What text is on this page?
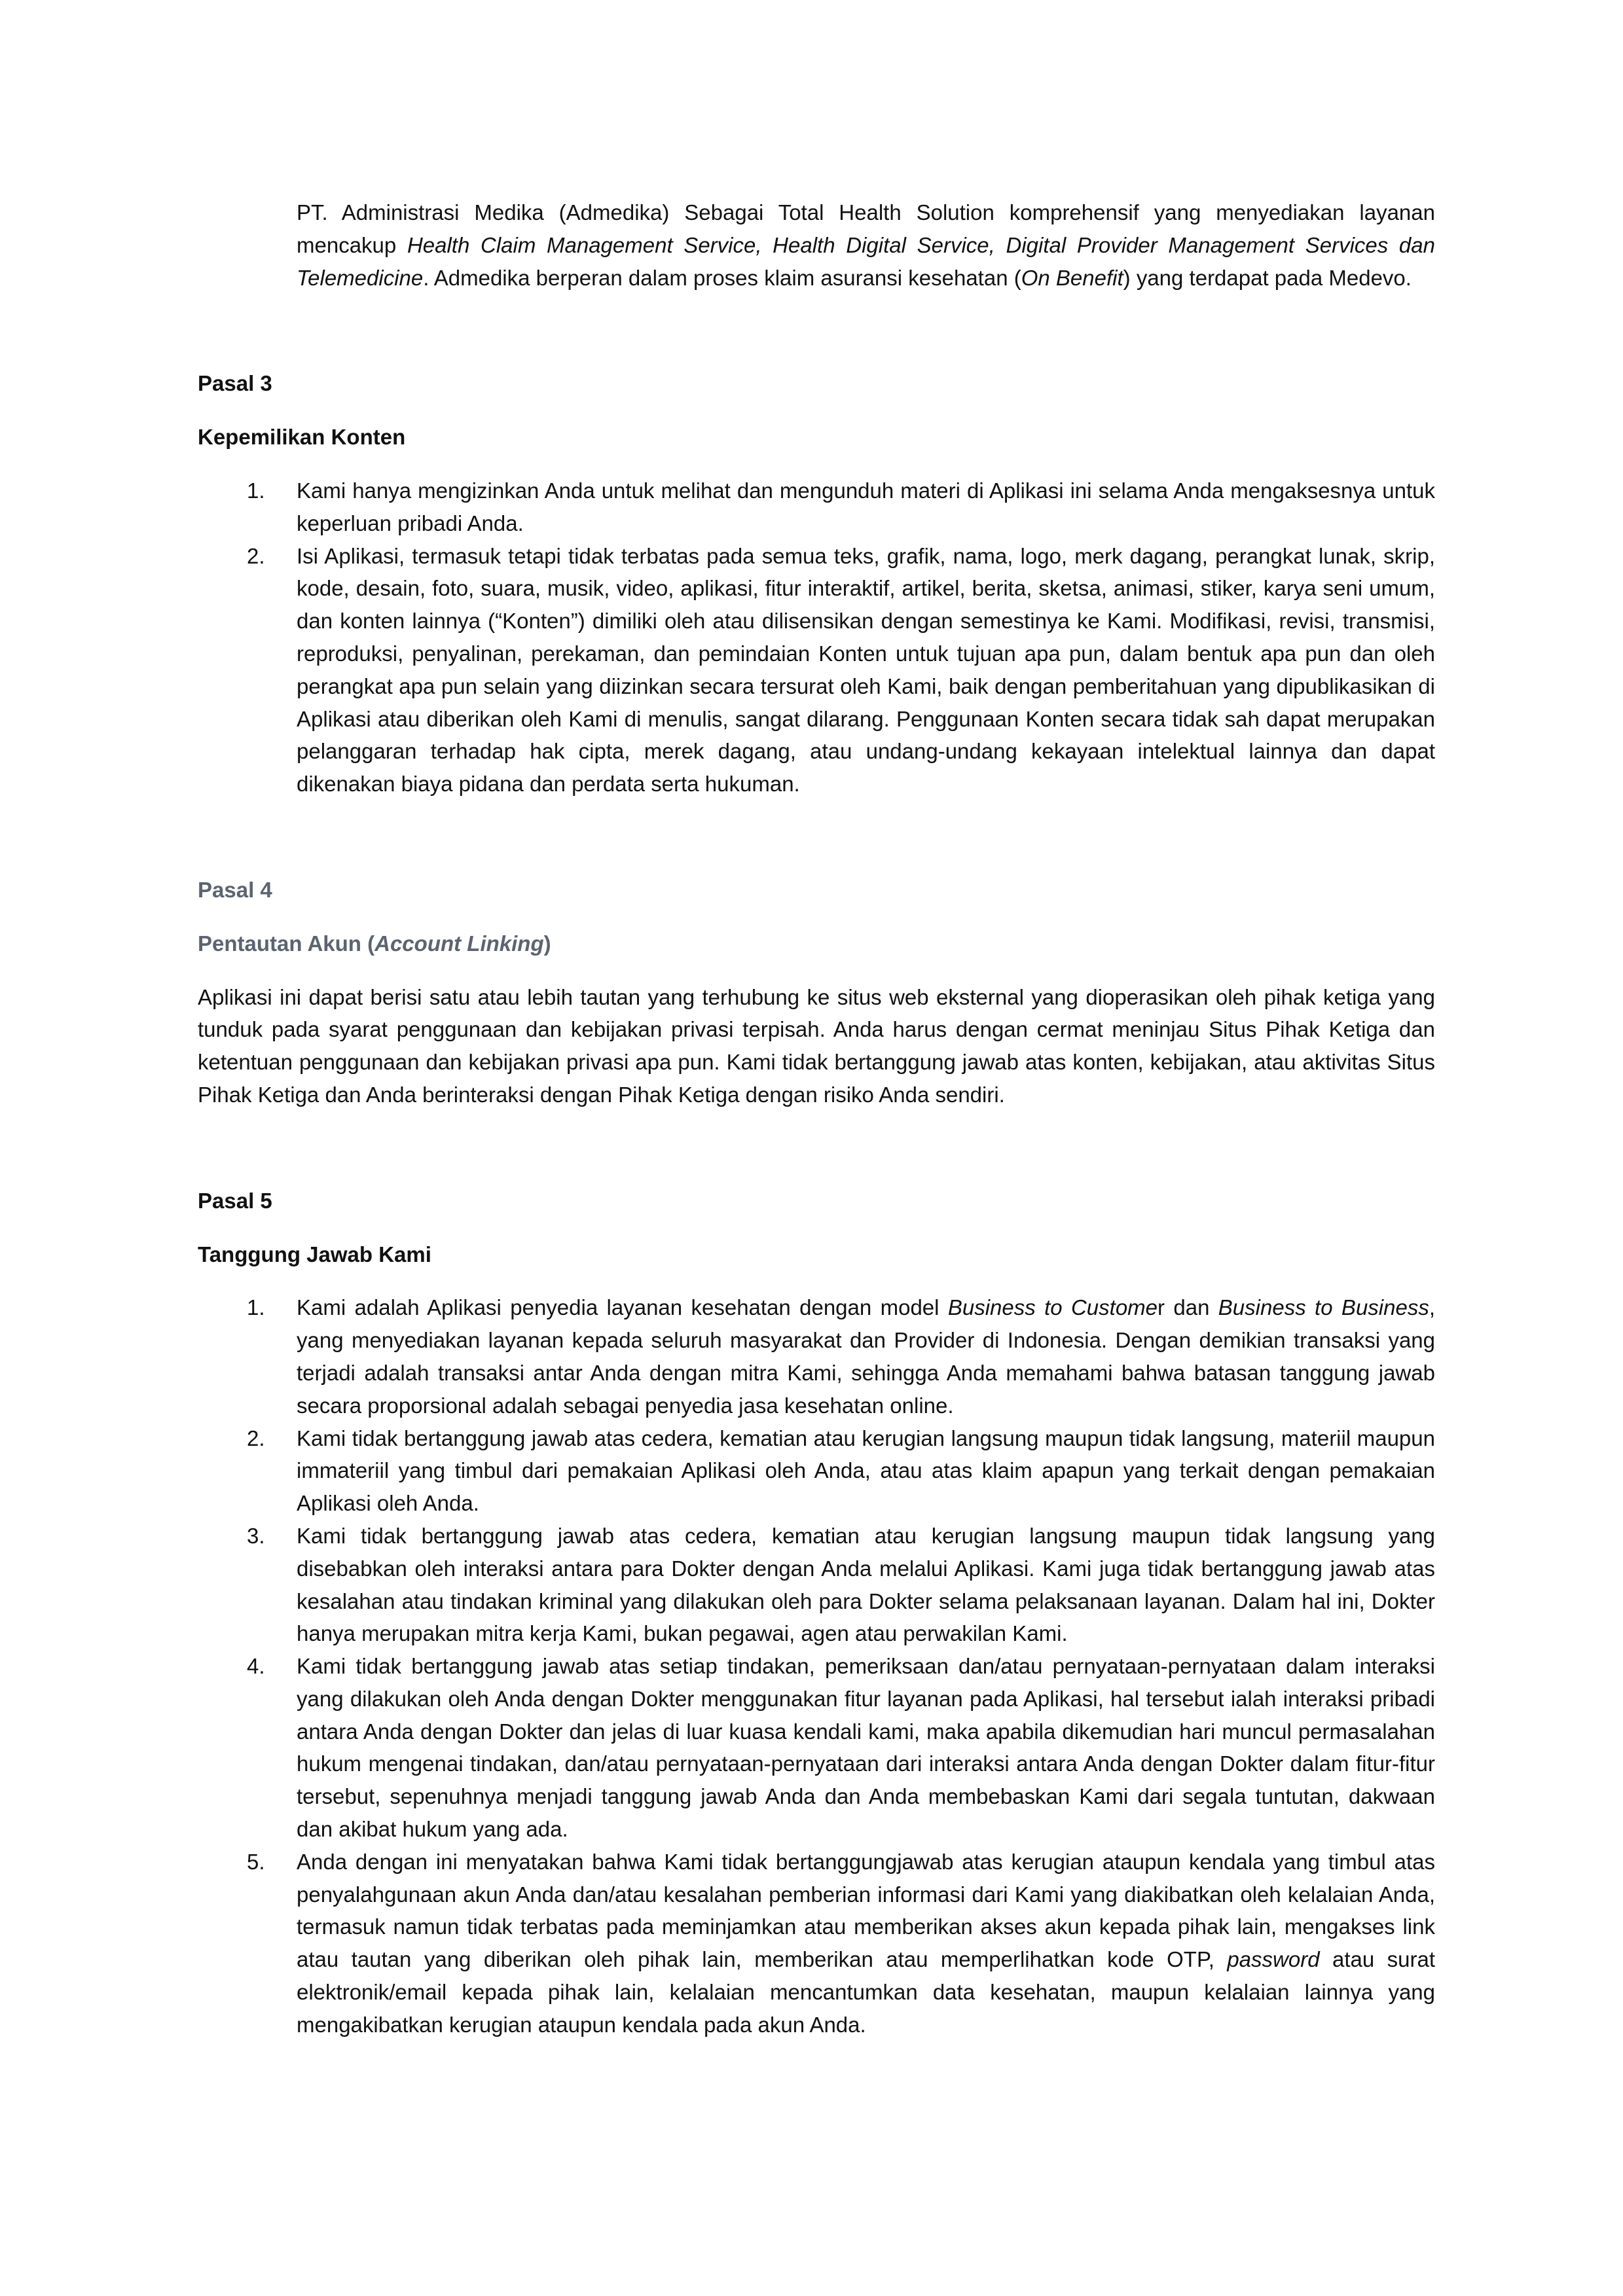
PT. Administrasi Medika (Admedika) Sebagai Total Health Solution komprehensif yang menyediakan layanan mencakup Health Claim Management Service, Health Digital Service, Digital Provider Management Services dan Telemedicine. Admedika berperan dalam proses klaim asuransi kesehatan (On Benefit) yang terdapat pada Medevo.

Pasal 3

Kepemilikan Konten

1. Kami hanya mengizinkan Anda untuk melihat dan mengunduh materi di Aplikasi ini selama Anda mengaksesnya untuk keperluan pribadi Anda.
2. Isi Aplikasi, termasuk tetapi tidak terbatas pada semua teks, grafik, nama, logo, merk dagang, perangkat lunak, skrip, kode, desain, foto, suara, musik, video, aplikasi, fitur interaktif, artikel, berita, sketsa, animasi, stiker, karya seni umum, dan konten lainnya (“Konten”) dimiliki oleh atau dilisensikan dengan semestinya ke Kami. Modifikasi, revisi, transmisi, reproduksi, penyalinan, perekaman, dan pemindaian Konten untuk tujuan apa pun, dalam bentuk apa pun dan oleh perangkat apa pun selain yang diizinkan secara tersurat oleh Kami, baik dengan pemberitahuan yang dipublikasikan di Aplikasi atau diberikan oleh Kami di menulis, sangat dilarang. Penggunaan Konten secara tidak sah dapat merupakan pelanggaran terhadap hak cipta, merek dagang, atau undang-undang kekayaan intelektual lainnya dan dapat dikenakan biaya pidana dan perdata serta hukuman.

Pasal 4

Pentautan Akun (Account Linking)

Aplikasi ini dapat berisi satu atau lebih tautan yang terhubung ke situs web eksternal yang dioperasikan oleh pihak ketiga yang tunduk pada syarat penggunaan dan kebijakan privasi terpisah. Anda harus dengan cermat meninjau Situs Pihak Ketiga dan ketentuan penggunaan dan kebijakan privasi apa pun. Kami tidak bertanggung jawab atas konten, kebijakan, atau aktivitas Situs Pihak Ketiga dan Anda berinteraksi dengan Pihak Ketiga dengan risiko Anda sendiri.

Pasal 5

Tanggung Jawab Kami

1. Kami adalah Aplikasi penyedia layanan kesehatan dengan model Business to Customer dan Business to Business, yang menyediakan layanan kepada seluruh masyarakat dan Provider di Indonesia. Dengan demikian transaksi yang terjadi adalah transaksi antar Anda dengan mitra Kami, sehingga Anda memahami bahwa batasan tanggung jawab secara proporsional adalah sebagai penyedia jasa kesehatan online.
2. Kami tidak bertanggung jawab atas cedera, kematian atau kerugian langsung maupun tidak langsung, materiil maupun immateriil yang timbul dari pemakaian Aplikasi oleh Anda, atau atas klaim apapun yang terkait dengan pemakaian Aplikasi oleh Anda.
3. Kami tidak bertanggung jawab atas cedera, kematian atau kerugian langsung maupun tidak langsung yang disebabkan oleh interaksi antara para Dokter dengan Anda melalui Aplikasi. Kami juga tidak bertanggung jawab atas kesalahan atau tindakan kriminal yang dilakukan oleh para Dokter selama pelaksanaan layanan. Dalam hal ini, Dokter hanya merupakan mitra kerja Kami, bukan pegawai, agen atau perwakilan Kami.
4. Kami tidak bertanggung jawab atas setiap tindakan, pemeriksaan dan/atau pernyataan-pernyataan dalam interaksi yang dilakukan oleh Anda dengan Dokter menggunakan fitur layanan pada Aplikasi, hal tersebut ialah interaksi pribadi antara Anda dengan Dokter dan jelas di luar kuasa kendali kami, maka apabila dikemudian hari muncul permasalahan hukum mengenai tindakan, dan/atau pernyataan-pernyataan dari interaksi antara Anda dengan Dokter dalam fitur-fitur tersebut, sepenuhnya menjadi tanggung jawab Anda dan Anda membebaskan Kami dari segala tuntutan, dakwaan dan akibat hukum yang ada.
5. Anda dengan ini menyatakan bahwa Kami tidak bertanggungjawab atas kerugian ataupun kendala yang timbul atas penyalahgunaan akun Anda dan/atau kesalahan pemberian informasi dari Kami yang diakibatkan oleh kelalaian Anda, termasuk namun tidak terbatas pada meminjamkan atau memberikan akses akun kepada pihak lain, mengakses link atau tautan yang diberikan oleh pihak lain, memberikan atau memperlihatkan kode OTP, password atau surat elektronik/email kepada pihak lain, kelalaian mencantumkan data kesehatan, maupun kelalaian lainnya yang mengakibatkan kerugian ataupun kendala pada akun Anda.
